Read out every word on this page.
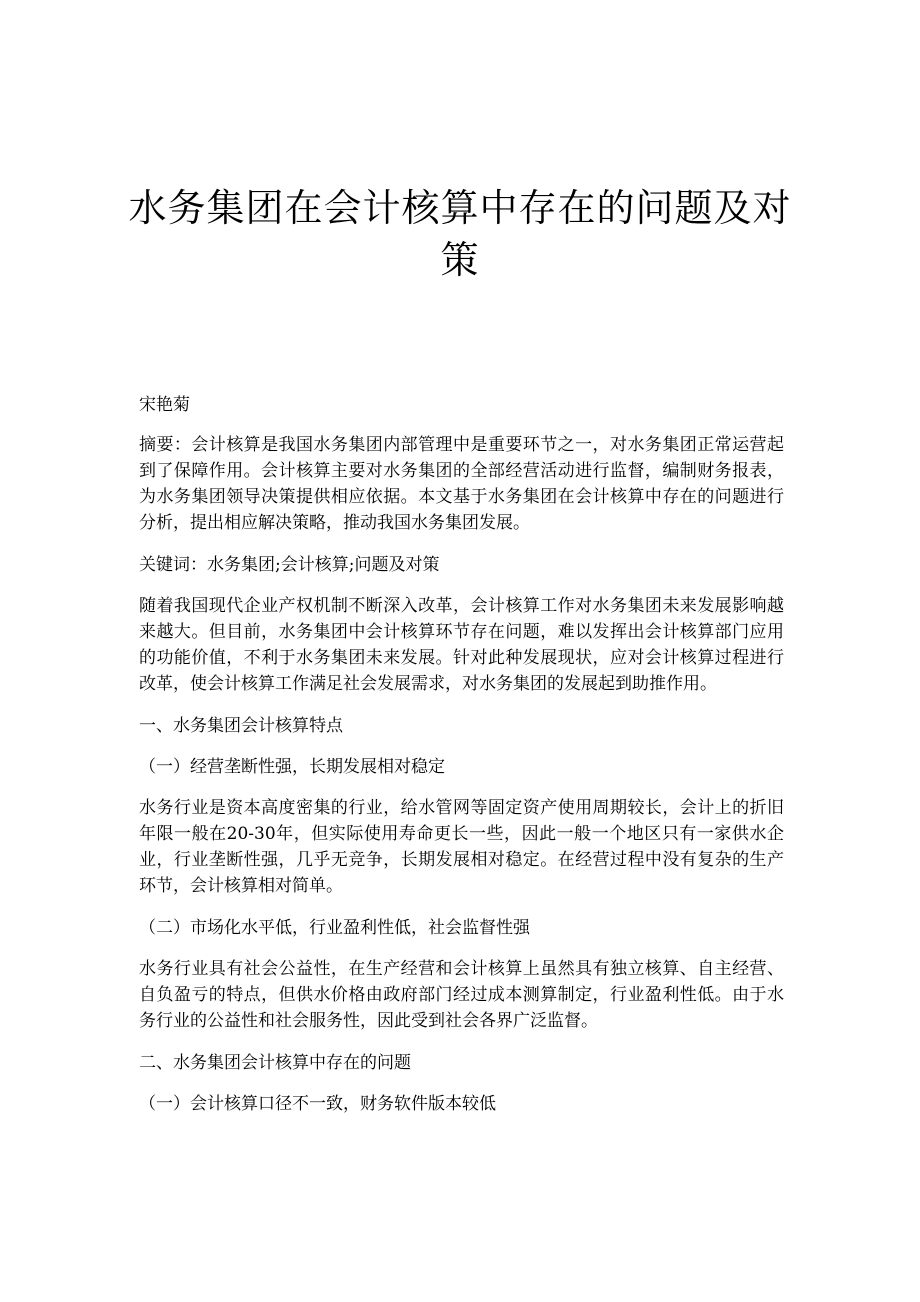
水务集团在会计核算中存在的问题及对策

宋艳菊

摘要：会计核算是我国水务集团内部管理中是重要环节之一，对水务集团正常运营起到了保障作用。会计核算主要对水务集团的全部经营活动进行监督，编制财务报表，为水务集团领导决策提供相应依据。本文基于水务集团在会计核算中存在的问题进行分析，提出相应解决策略，推动我国水务集团发展。

关键词：水务集团;会计核算;问题及对策

随着我国现代企业产权机制不断深入改革，会计核算工作对水务集团未来发展影响越来越大。但目前，水务集团中会计核算环节存在问题，难以发挥出会计核算部门应用的功能价值，不利于水务集团未来发展。针对此种发展现状，应对会计核算过程进行改革，使会计核算工作满足社会发展需求，对水务集团的发展起到助推作用。

一、水务集团会计核算特点

（一）经营垄断性强，长期发展相对稳定

水务行业是资本高度密集的行业，给水管网等固定资产使用周期较长，会计上的折旧年限一般在20-30年，但实际使用寿命更长一些，因此一般一个地区只有一家供水企业，行业垄断性强，几乎无竞争，长期发展相对稳定。在经营过程中没有复杂的生产环节，会计核算相对简单。

（二）市场化水平低，行业盈利性低，社会监督性强

水务行业具有社会公益性，在生产经营和会计核算上虽然具有独立核算、自主经营、自负盈亏的特点，但供水价格由政府部门经过成本测算制定，行业盈利性低。由于水务行业的公益性和社会服务性，因此受到社会各界广泛监督。

二、水务集团会计核算中存在的问题

（一）会计核算口径不一致，财务软件版本较低
